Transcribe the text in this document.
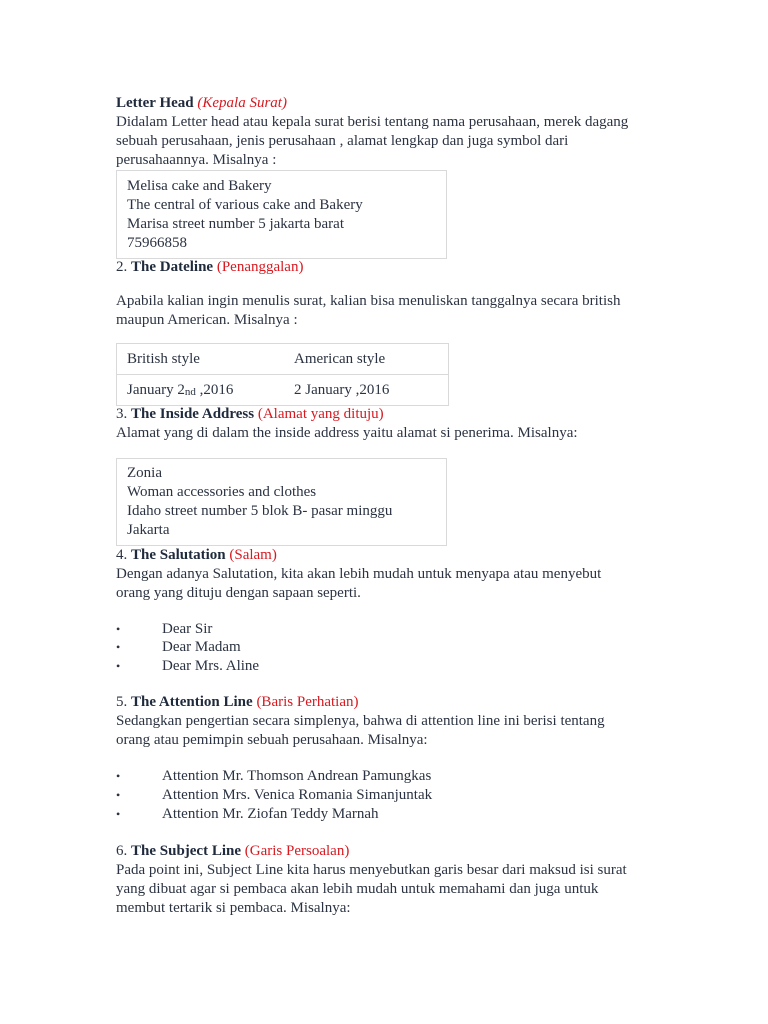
Letter Head (Kepala Surat)
Didalam Letter head atau kepala surat berisi tentang nama perusahaan, merek dagang
sebuah perusahaan, jenis perusahaan , alamat lengkap dan juga symbol dari
perusahaannya. Misalnya :
Melisa cake and Bakery
The central of various cake and Bakery
Marisa street number 5 jakarta barat
75966858
2. The Dateline (Penanggalan)
Apabila kalian ingin menulis surat, kalian bisa menuliskan tanggalnya secara british
maupun American. Misalnya :
British style	American style
January 2nd ,2016	2 January ,2016
3. The Inside Address (Alamat yang dituju)
Alamat yang di dalam the inside address yaitu alamat si penerima. Misalnya:
Zonia
Woman accessories and clothes
Idaho street number 5 blok B- pasar minggu
Jakarta
4. The Salutation (Salam)
Dengan adanya Salutation, kita akan lebih mudah untuk menyapa atau menyebut
orang yang dituju dengan sapaan seperti.
•	Dear Sir
•	Dear Madam
•	Dear Mrs. Aline
5. The Attention Line (Baris Perhatian)
Sedangkan pengertian secara simplenya, bahwa di attention line ini berisi tentang
orang atau pemimpin sebuah perusahaan. Misalnya:
•	Attention Mr. Thomson Andrean Pamungkas
•	Attention Mrs. Venica Romania Simanjuntak
•	Attention Mr. Ziofan Teddy Marnah
6. The Subject Line (Garis Persoalan)
Pada point ini, Subject Line kita harus menyebutkan garis besar dari maksud isi surat
yang dibuat agar si pembaca akan lebih mudah untuk memahami dan juga untuk
membut tertarik si pembaca. Misalnya:
